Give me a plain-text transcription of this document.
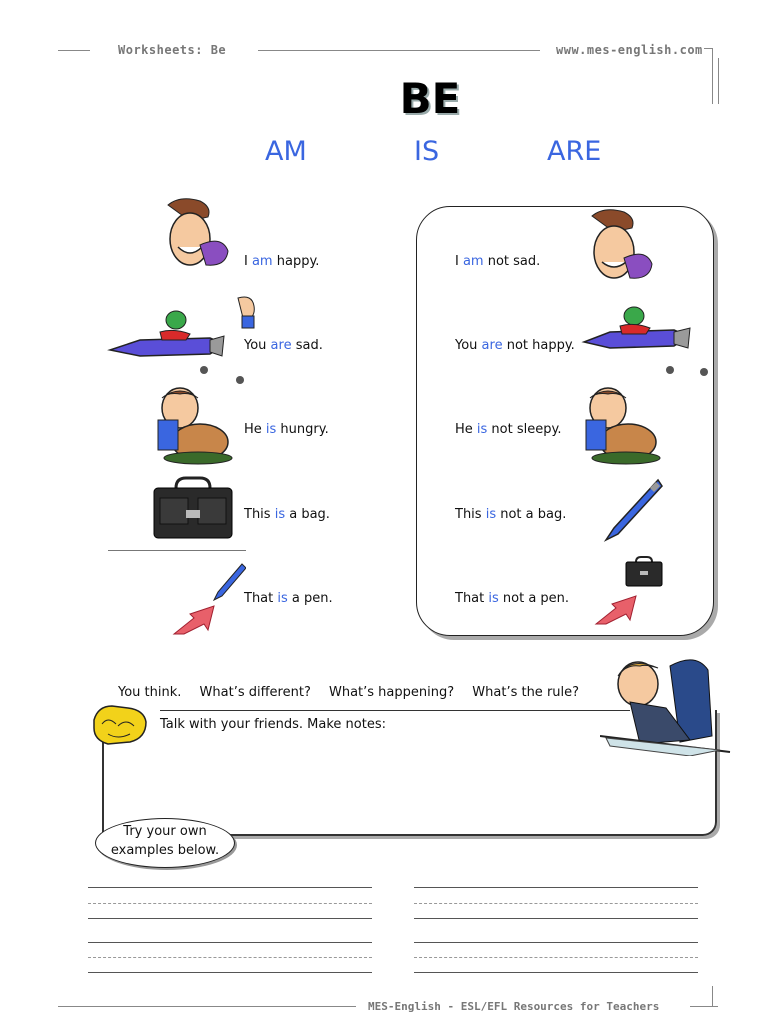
Worksheets: Be	www.mes-english.com
BE
AM	IS	ARE
I am happy.
You are sad.
He is hungry.
This is a bag.
That is a pen.
I am not sad.
You are not happy.
He is not sleepy.
This is not a bag.
That is not a pen.
You think. What’s different? What’s happening? What’s the rule?
Talk with your friends. Make notes:
Try your own
examples below.
MES-English - ESL/EFL Resources for Teachers
